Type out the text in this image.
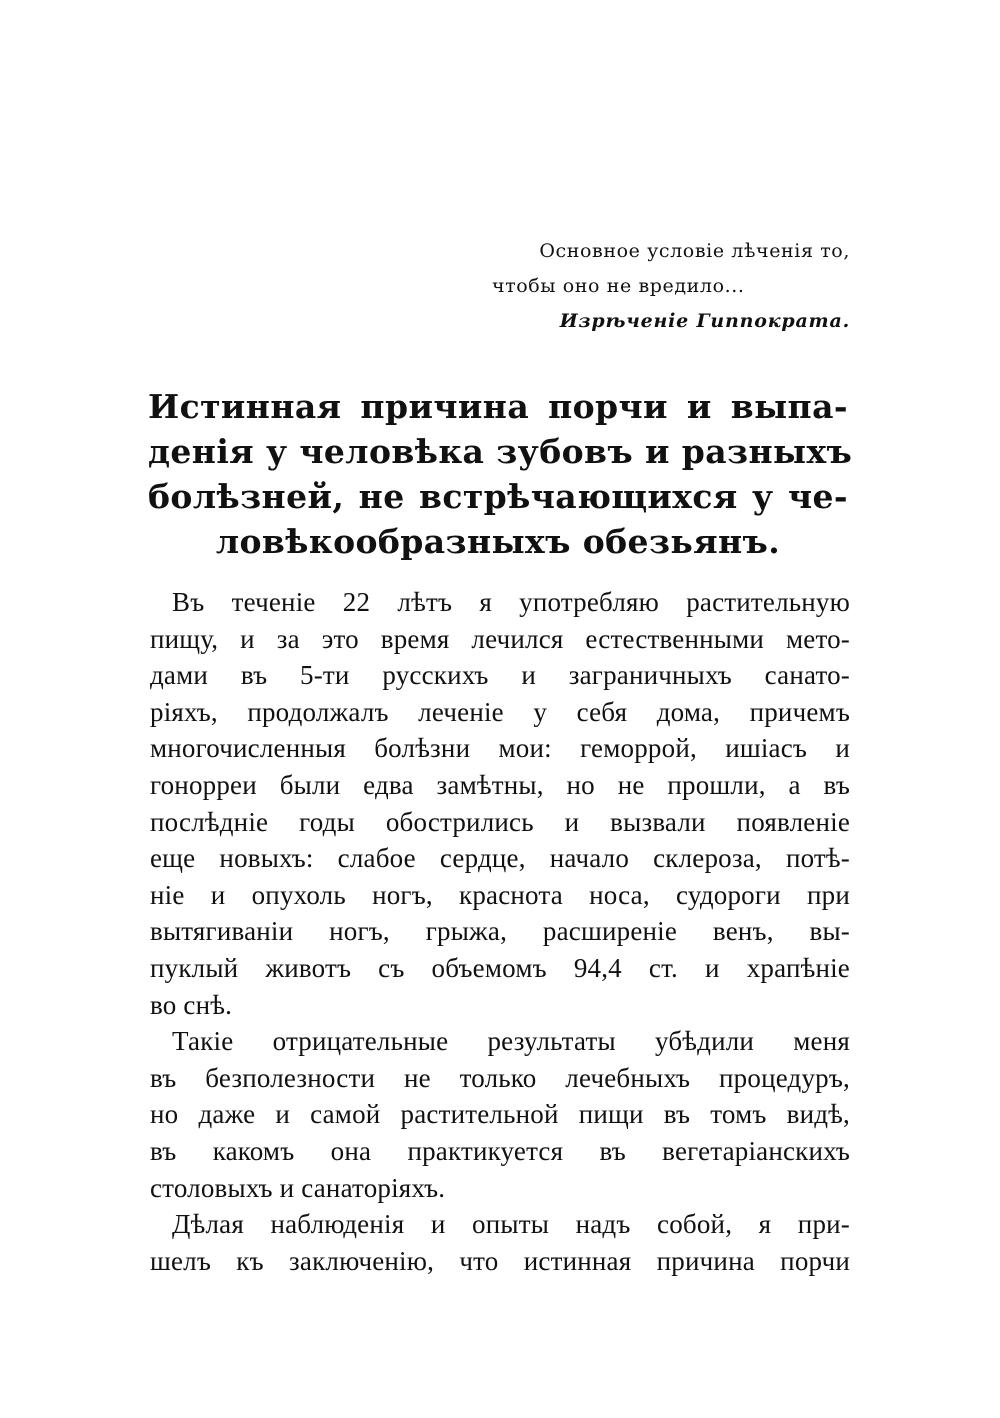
Основное условіе лѣченія то,
чтобы оно не вредило...
Изрѣченіе Гиппократа.
Истинная причина порчи и выпа-
денія у человѣка зубовъ и разныхъ
болѣзней, не встрѣчающихся у че-
ловѣкообразныхъ обезьянъ.
Въ теченіе 22 лѣтъ я употребляю растительную
пищу, и за это время лечился естественными мето-
дами въ 5-ти русскихъ и заграничныхъ санато-
ріяхъ, продолжалъ леченіе у себя дома, причемъ
многочисленныя болѣзни мои: геморрой, ишіасъ и
гонорреи были едва замѣтны, но не прошли, а въ
послѣдніе годы обострились и вызвали появленіе
еще новыхъ: слабое сердце, начало склероза, потѣ-
ніе и опухоль ногъ, краснота носа, судороги при
вытягиваніи ногъ, грыжа, расширеніе венъ, вы-
пуклый животъ съ объемомъ 94,4 ст. и храпѣніе
во снѣ.
Такіе отрицательные результаты убѣдили меня
въ безполезности не только лечебныхъ процедуръ,
но даже и самой растительной пищи въ томъ видѣ,
въ какомъ она практикуется въ вегетаріанскихъ
столовыхъ и санаторіяхъ.
Дѣлая наблюденія и опыты надъ собой, я при-
шелъ къ заключенію, что истинная причина порчи
